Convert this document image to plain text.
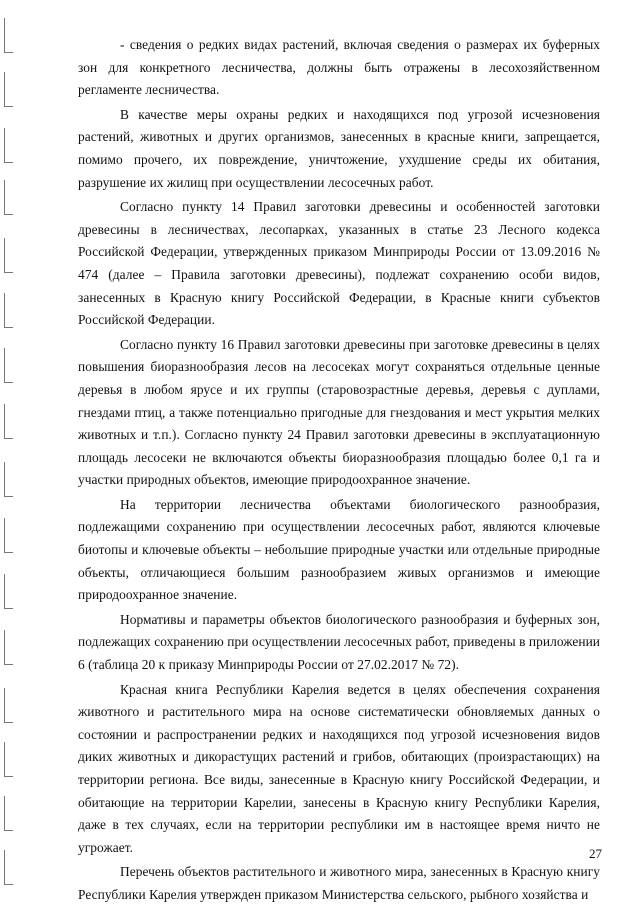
- сведения о редких видах растений, включая сведения о размерах их буферных зон для конкретного лесничества, должны быть отражены в лесохозяйственном регламенте лесничества.

В качестве меры охраны редких и находящихся под угрозой исчезновения растений, животных и других организмов, занесенных в красные книги, запрещается, помимо прочего, их повреждение, уничтожение, ухудшение среды их обитания, разрушение их жилищ при осуществлении лесосечных работ.

Согласно пункту 14 Правил заготовки древесины и особенностей заготовки древесины в лесничествах, лесопарках, указанных в статье 23 Лесного кодекса Российской Федерации, утвержденных приказом Минприроды России от 13.09.2016 № 474 (далее – Правила заготовки древесины), подлежат сохранению особи видов, занесенных в Красную книгу Российской Федерации, в Красные книги субъектов Российской Федерации.

Согласно пункту 16 Правил заготовки древесины при заготовке древесины в целях повышения биоразнообразия лесов на лесосеках могут сохраняться отдельные ценные деревья в любом ярусе и их группы (старовозрастные деревья, деревья с дуплами, гнездами птиц, а также потенциально пригодные для гнездования и мест укрытия мелких животных и т.п.). Согласно пункту 24 Правил заготовки древесины в эксплуатационную площадь лесосеки не включаются объекты биоразнообразия площадью более 0,1 га и участки природных объектов, имеющие природоохранное значение.

На территории лесничества объектами биологического разнообразия, подлежащими сохранению при осуществлении лесосечных работ, являются ключевые биотопы и ключевые объекты – небольшие природные участки или отдельные природные объекты, отличающиеся большим разнообразием живых организмов и имеющие природоохранное значение.

Нормативы и параметры объектов биологического разнообразия и буферных зон, подлежащих сохранению при осуществлении лесосечных работ, приведены в приложении 6 (таблица 20 к приказу Минприроды России от 27.02.2017 № 72).

Красная книга Республики Карелия ведется в целях обеспечения сохранения животного и растительного мира на основе систематически обновляемых данных о состоянии и распространении редких и находящихся под угрозой исчезновения видов диких животных и дикорастущих растений и грибов, обитающих (произрастающих) на территории региона. Все виды, занесенные в Красную книгу Российской Федерации, и обитающие на территории Карелии, занесены в Красную книгу Республики Карелия, даже в тех случаях, если на территории республики им в настоящее время ничто не угрожает.

Перечень объектов растительного и животного мира, занесенных в Красную книгу Республики Карелия утвержден приказом Министерства сельского, рыбного хозяйства и

27
